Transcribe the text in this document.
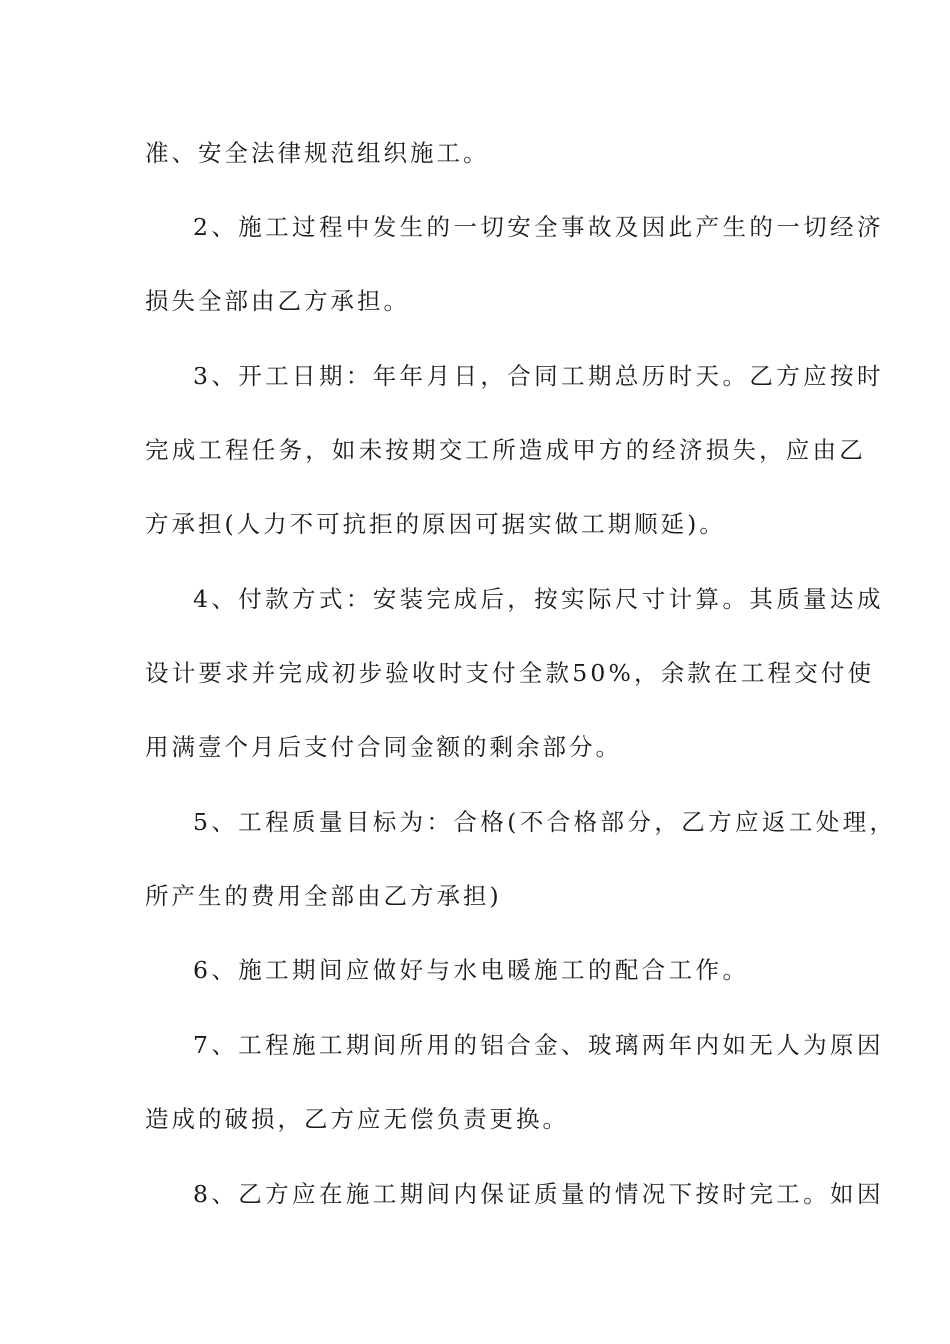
准、安全法律规范组织施工。
2、施工过程中发生的一切安全事故及因此产生的一切经济
损失全部由乙方承担。
3、开工日期：年年月日，合同工期总历时天。乙方应按时
完成工程任务，如未按期交工所造成甲方的经济损失，应由乙
方承担(人力不可抗拒的原因可据实做工期顺延)。
4、付款方式：安装完成后，按实际尺寸计算。其质量达成
设计要求并完成初步验收时支付全款50%，余款在工程交付使
用满壹个月后支付合同金额的剩余部分。
5、工程质量目标为：合格(不合格部分，乙方应返工处理，
所产生的费用全部由乙方承担)
6、施工期间应做好与水电暖施工的配合工作。
7、工程施工期间所用的铝合金、玻璃两年内如无人为原因
造成的破损，乙方应无偿负责更换。
8、乙方应在施工期间内保证质量的情况下按时完工。如因
